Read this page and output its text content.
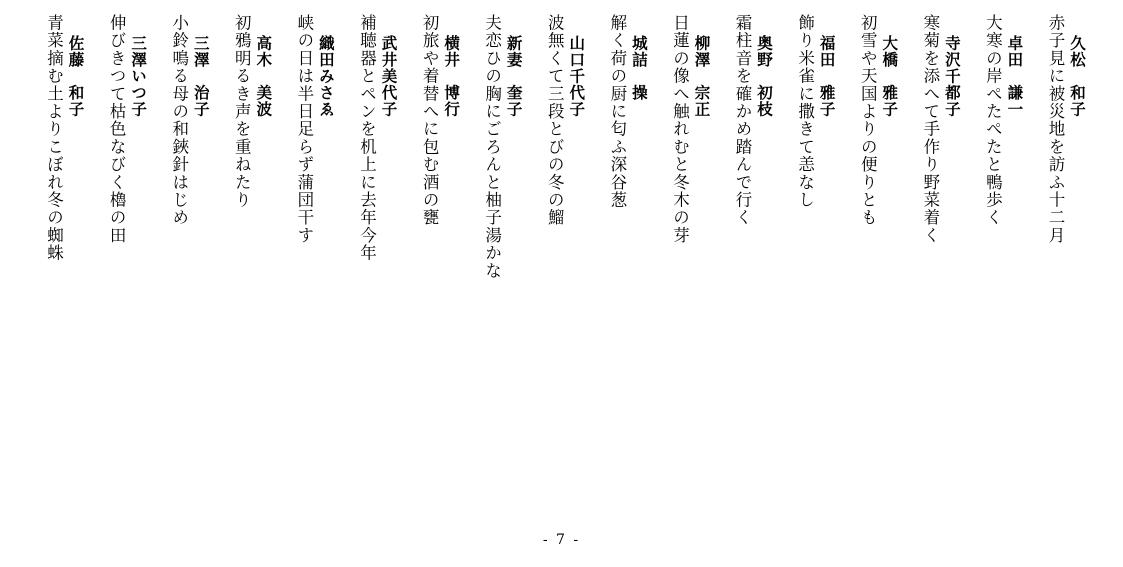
久松　和子
赤子見に被災地を訪ふ十二月
卓田　謙一
大寒の岸ぺたぺたと鴨歩く
寺沢千都子
寒菊を添へて手作り野菜着く
大橋　雅子
初雪や天国よりの便りとも
福田　雅子
飾り米雀に撒きて恙なし
奥野　初枝
霜柱音を確かめ踏んで行く
柳澤　宗正
日蓮の像へ触れむと冬木の芽
城詰　操
解く荷の厨に匂ふ深谷葱
山口千代子
波無くて三段とびの冬の鰡
新妻　奎子
夫恋ひの胸にごろんと柚子湯かな
横井　博行
初旅や着替へに包む酒の甕
武井美代子
補聴器とペンを机上に去年今年
織田みさゑ
峡の日は半日足らず蒲団干す
高木　美波
初鴉明るき声を重ねたり
三澤　治子
小鈴鳴る母の和鋏針はじめ
三澤いつ子
伸びきつて枯色なびく櫓の田
佐藤　和子
青菜摘む土よりこぼれ冬の蜘蛛
- 7 -
